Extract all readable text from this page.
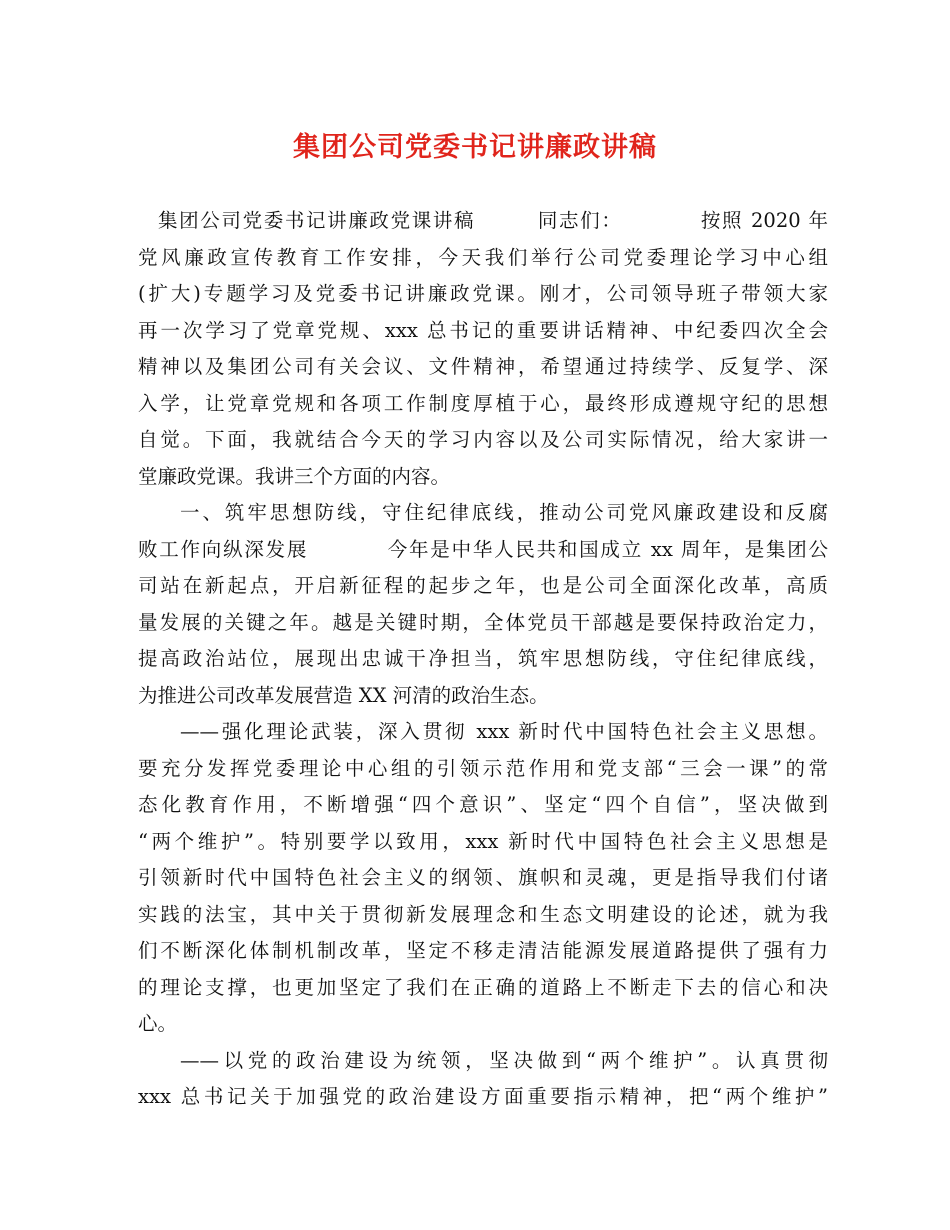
集团公司党委书记讲廉政讲稿
集团公司党委书记讲廉政党课讲稿        同志们：          按照 2020 年
党风廉政宣传教育工作安排，今天我们举行公司党委理论学习中心组
(扩大)专题学习及党委书记讲廉政党课。刚才，公司领导班子带领大家
再一次学习了党章党规、xxx 总书记的重要讲话精神、中纪委四次全会
精神以及集团公司有关会议、文件精神，希望通过持续学、反复学、深
入学，让党章党规和各项工作制度厚植于心，最终形成遵规守纪的思想
自觉。下面，我就结合今天的学习内容以及公司实际情况，给大家讲一
堂廉政党课。我讲三个方面的内容。
一、筑牢思想防线，守住纪律底线，推动公司党风廉政建设和反腐
败工作向纵深发展          今年是中华人民共和国成立 xx 周年，是集团公
司站在新起点，开启新征程的起步之年，也是公司全面深化改革，高质
量发展的关键之年。越是关键时期，全体党员干部越是要保持政治定力，
提高政治站位，展现出忠诚干净担当，筑牢思想防线，守住纪律底线，
为推进公司改革发展营造 XX 河清的政治生态。
——强化理论武装，深入贯彻 xxx 新时代中国特色社会主义思想。
要充分发挥党委理论中心组的引领示范作用和党支部“三会一课”的常
态化教育作用，不断增强“四个意识”、坚定“四个自信”，坚决做到
“两个维护”。特别要学以致用，xxx 新时代中国特色社会主义思想是
引领新时代中国特色社会主义的纲领、旗帜和灵魂，更是指导我们付诸
实践的法宝，其中关于贯彻新发展理念和生态文明建设的论述，就为我
们不断深化体制机制改革，坚定不移走清洁能源发展道路提供了强有力
的理论支撑，也更加坚定了我们在正确的道路上不断走下去的信心和决
心。
——以党的政治建设为统领，坚决做到“两个维护”。认真贯彻
xxx 总书记关于加强党的政治建设方面重要指示精神，把“两个维护”
